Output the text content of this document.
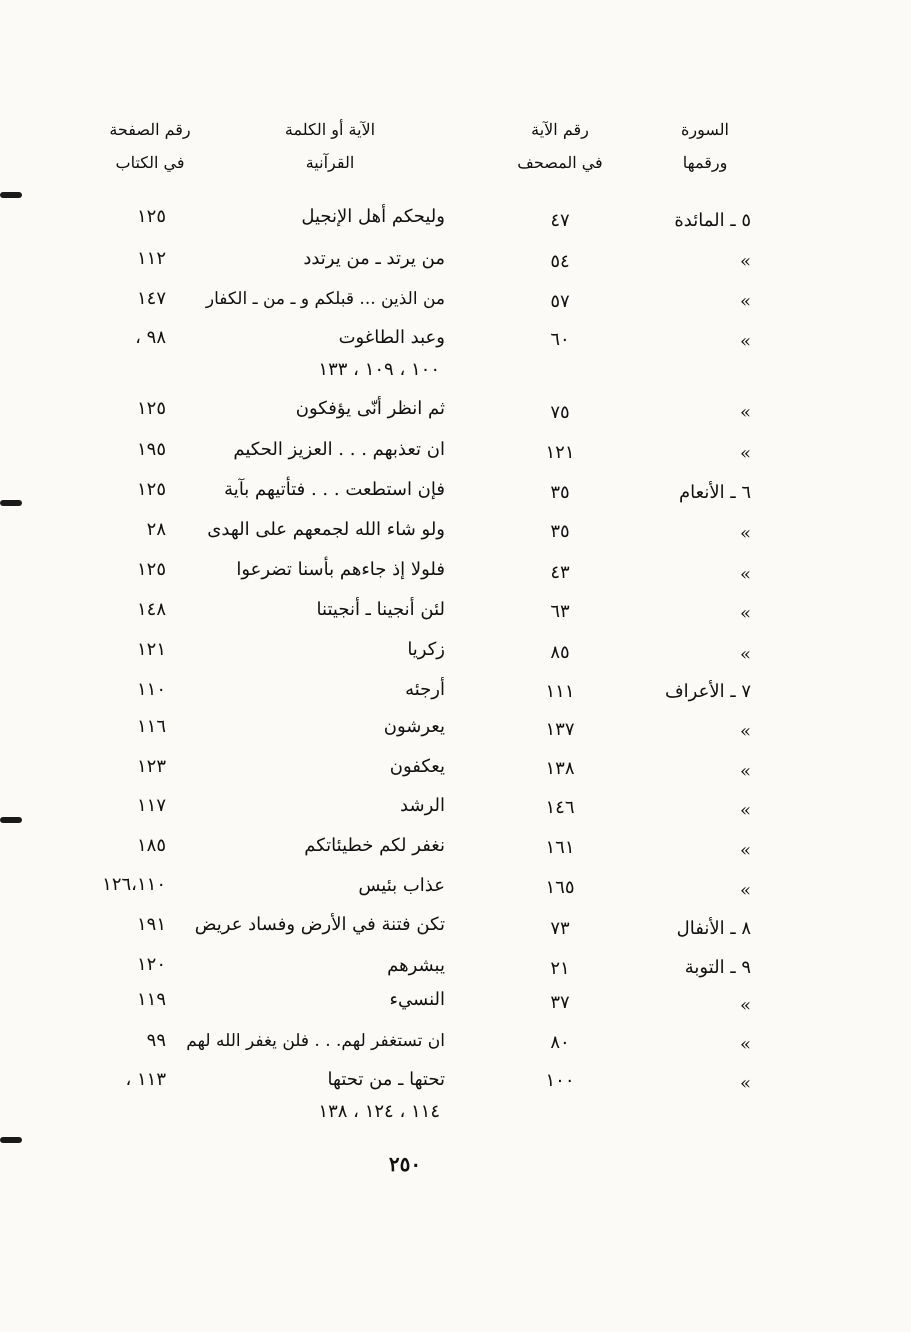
السورة
ورقمها
رقم الآية
في المصحف
الآية أو الكلمة
القرآنية
رقم الصفحة
في الكتاب
٥ ـ المائدة
٤٧
وليحكم أهل الإنجيل
١٢٥
»
٥٤
من يرتد ـ من يرتدد
١١٢
»
٥٧
من الذين ... قبلكم و ـ من ـ الكفار
١٤٧
»
٦٠
وعبد الطاغوت
٩٨ ،
١٠٠ ، ١٠٩ ، ١٣٣
»
٧٥
ثم انظر أنّى يؤفكون
١٢٥
»
١٢١
ان تعذبهم . . . العزيز الحكيم
١٩٥
٦ ـ الأنعام
٣٥
فإن استطعت . . . فتأتيهم بآية
١٢٥
»
٣٥
ولو شاء الله لجمعهم على الهدى
٢٨
»
٤٣
فلولا إذ جاءهم بأسنا تضرعوا
١٢٥
»
٦٣
لئن أنجينا ـ أنجيتنا
١٤٨
»
٨٥
زكريا
١٢١
٧ ـ الأعراف
١١١
أرجئه
١١٠
»
١٣٧
يعرشون
١١٦
»
١٣٨
يعكفون
١٢٣
»
١٤٦
الرشد
١١٧
»
١٦١
نغفر لكم خطيئاتكم
١٨٥
»
١٦٥
عذاب بئيس
١٢٦،١١٠
٨ ـ الأنفال
٧٣
تكن فتنة في الأرض وفساد عريض
١٩١
٩ ـ التوبة
٢١
يبشرهم
١٢٠
»
٣٧
النسيء
١١٩
»
٨٠
ان تستغفر لهم. . . فلن يغفر الله لهم
٩٩
»
١٠٠
تحتها ـ من تحتها
١١٣ ،
١١٤ ، ١٢٤ ، ١٣٨
٢٥٠
